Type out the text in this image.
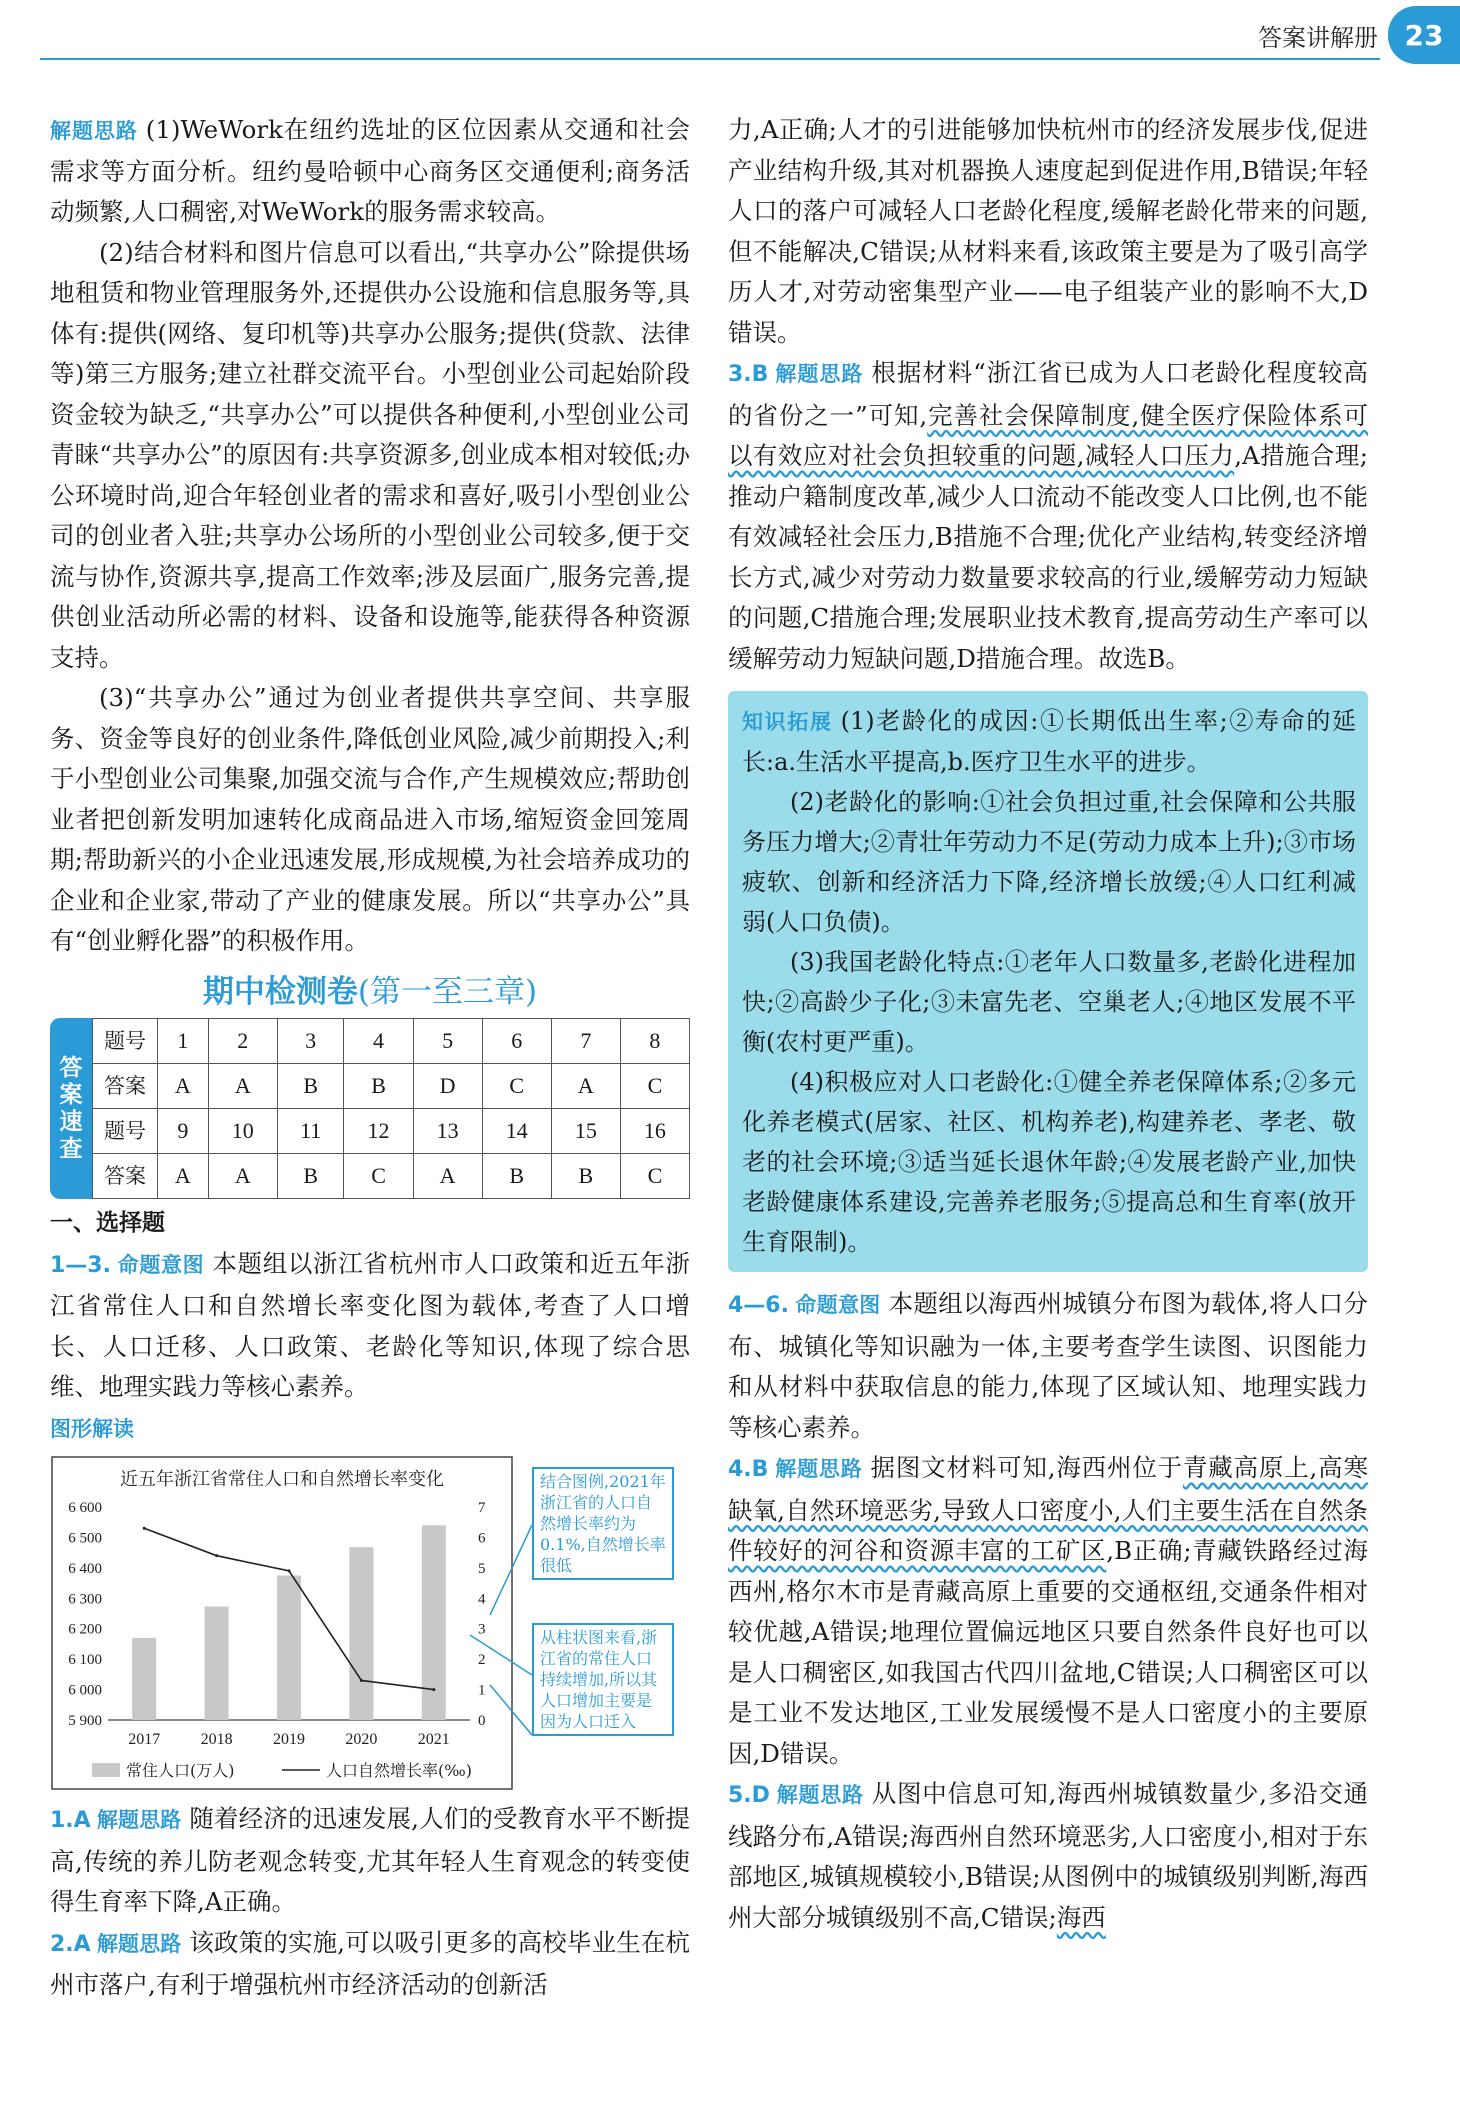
答案讲解册 23

解题思路 (1)WeWork在纽约选址的区位因素从交通和社会需求等方面分析。纽约曼哈顿中心商务区交通便利;商务活动频繁,人口稠密,对WeWork的服务需求较高。

(2)结合材料和图片信息可以看出,“共享办公”除提供场地租赁和物业管理服务外,还提供办公设施和信息服务等,具体有:提供(网络、复印机等)共享办公服务;提供(贷款、法律等)第三方服务;建立社群交流平台。小型创业公司起始阶段资金较为缺乏,“共享办公”可以提供各种便利,小型创业公司青睐“共享办公”的原因有:共享资源多,创业成本相对较低;办公环境时尚,迎合年轻创业者的需求和喜好,吸引小型创业公司的创业者入驻;共享办公场所的小型创业公司较多,便于交流与协作,资源共享,提高工作效率;涉及层面广,服务完善,提供创业活动所必需的材料、设备和设施等,能获得各种资源支持。

(3)“共享办公”通过为创业者提供共享空间、共享服务、资金等良好的创业条件,降低创业风险,减少前期投入;利于小型创业公司集聚,加强交流与合作,产生规模效应;帮助创业者把创新发明加速转化成商品进入市场,缩短资金回笼周期;帮助新兴的小企业迅速发展,形成规模,为社会培养成功的企业和企业家,带动了产业的健康发展。所以“共享办公”具有“创业孵化器”的积极作用。

期中检测卷(第一至三章)
答
案
速
查
题号	1	2	3	4	5	6	7	8
答案	A	A	B	B	D	C	A	C
题号	9	10	11	12	13	14	15	16
答案	A	A	B	C	A	B	B	C
一、选择题

1—3. 命题意图 本题组以浙江省杭州市人口政策和近五年浙江省常住人口和自然增长率变化图为载体,考查了人口增长、人口迁移、人口政策、老龄化等知识,体现了综合思维、地理实践力等核心素养。

图形解读

近五年浙江省常住人口和自然增长率变化
5 900
6 000
6 100
6 200
6 300
6 400
6 500
6 600
0
1
2
3
4
5
6
7
2017	2018	2019	2020	2021
常住人口(万人)	人口自然增长率(‰)
结合图例,2021年浙江省的人口自然增长率约为0.1%,自然增长率很低
从柱状图来看,浙江省的常住人口持续增加,所以其人口增加主要是因为人口迁入

1.A 解题思路 随着经济的迅速发展,人们的受教育水平不断提高,传统的养儿防老观念转变,尤其年轻人生育观念的转变使得生育率下降,A正确。

2.A 解题思路 该政策的实施,可以吸引更多的高校毕业生在杭州市落户,有利于增强杭州市经济活动的创新活

力,A正确;人才的引进能够加快杭州市的经济发展步伐,促进产业结构升级,其对机器换人速度起到促进作用,B错误;年轻人口的落户可减轻人口老龄化程度,缓解老龄化带来的问题,但不能解决,C错误;从材料来看,该政策主要是为了吸引高学历人才,对劳动密集型产业——电子组装产业的影响不大,D错误。

3.B 解题思路 根据材料“浙江省已成为人口老龄化程度较高的省份之一”可知,完善社会保障制度,健全医疗保险体系可以有效应对社会负担较重的问题,减轻人口压力,A措施合理;推动户籍制度改革,减少人口流动不能改变人口比例,也不能有效减轻社会压力,B措施不合理;优化产业结构,转变经济增长方式,减少对劳动力数量要求较高的行业,缓解劳动力短缺的问题,C措施合理;发展职业技术教育,提高劳动生产率可以缓解劳动力短缺问题,D措施合理。故选B。

知识拓展 (1)老龄化的成因:①长期低出生率;②寿命的延长:a.生活水平提高,b.医疗卫生水平的进步。

(2)老龄化的影响:①社会负担过重,社会保障和公共服务压力增大;②青壮年劳动力不足(劳动力成本上升);③市场疲软、创新和经济活力下降,经济增长放缓;④人口红利减弱(人口负债)。

(3)我国老龄化特点:①老年人口数量多,老龄化进程加快;②高龄少子化;③未富先老、空巢老人;④地区发展不平衡(农村更严重)。

(4)积极应对人口老龄化:①健全养老保障体系;②多元化养老模式(居家、社区、机构养老),构建养老、孝老、敬老的社会环境;③适当延长退休年龄;④发展老龄产业,加快老龄健康体系建设,完善养老服务;⑤提高总和生育率(放开生育限制)。

4—6. 命题意图 本题组以海西州城镇分布图为载体,将人口分布、城镇化等知识融为一体,主要考查学生读图、识图能力和从材料中获取信息的能力,体现了区域认知、地理实践力等核心素养。

4.B 解题思路 据图文材料可知,海西州位于青藏高原上,高寒缺氧,自然环境恶劣,导致人口密度小,人们主要生活在自然条件较好的河谷和资源丰富的工矿区,B正确;青藏铁路经过海西州,格尔木市是青藏高原上重要的交通枢纽,交通条件相对较优越,A错误;地理位置偏远地区只要自然条件良好也可以是人口稠密区,如我国古代四川盆地,C错误;人口稠密区可以是工业不发达地区,工业发展缓慢不是人口密度小的主要原因,D错误。

5.D 解题思路 从图中信息可知,海西州城镇数量少,多沿交通线路分布,A错误;海西州自然环境恶劣,人口密度小,相对于东部地区,城镇规模较小,B错误;从图例中的城镇级别判断,海西州大部分城镇级别不高,C错误;海西
